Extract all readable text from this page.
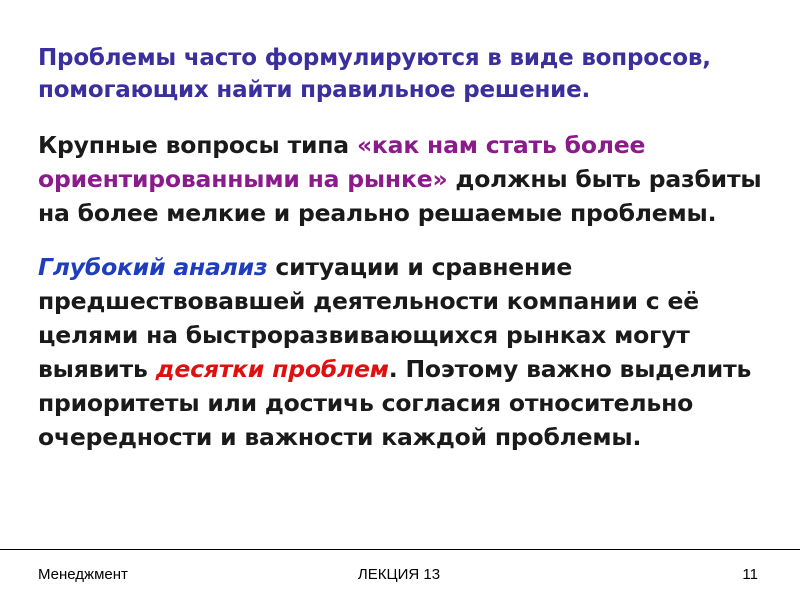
Проблемы часто формулируются в виде вопросов, помогающих найти правильное решение.

Крупные вопросы типа «как нам стать более ориентированными на рынке» должны быть разбиты на более мелкие и реально решаемые проблемы.

Глубокий анализ ситуации и сравнение предшествовавшей деятельности компании с её целями на быстроразвивающихся рынках могут выявить десятки проблем. Поэтому важно выделить приоритеты или достичь согласия относительно очередности и важности каждой проблемы.

Менеджмент	ЛЕКЦИЯ 13	11
